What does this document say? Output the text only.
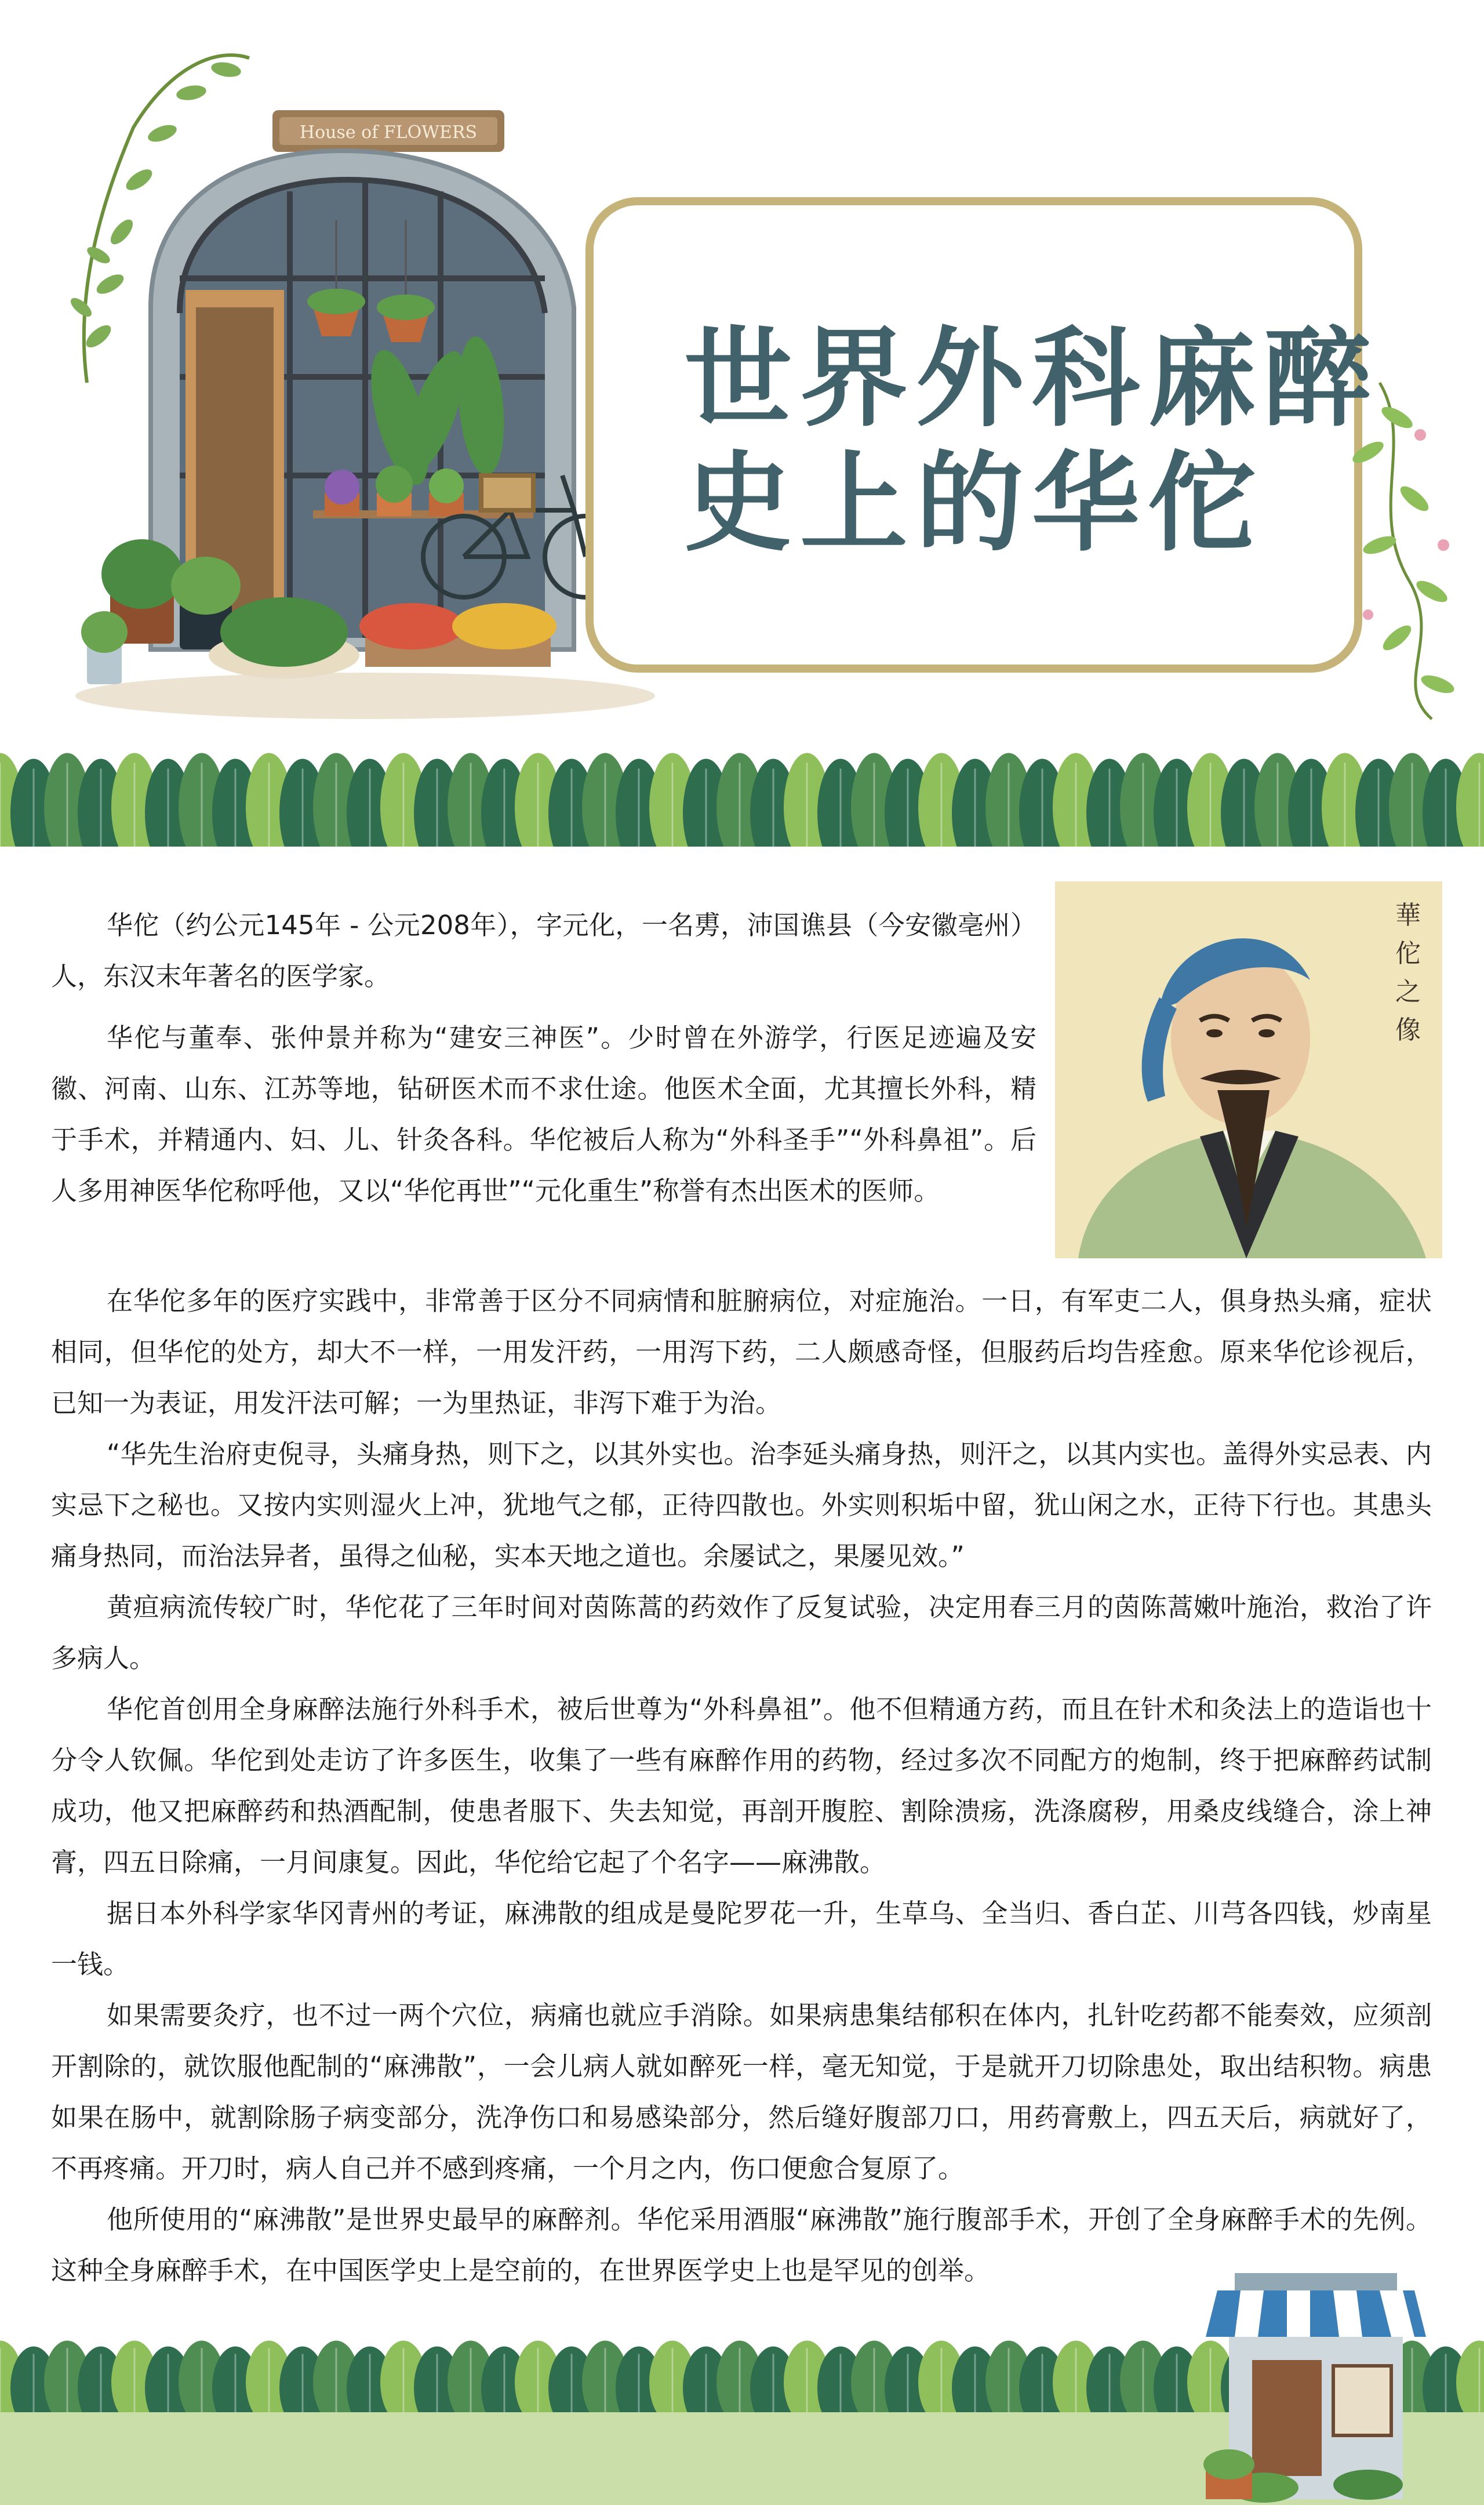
House of FLOWERS
世界外科麻醉
史上的华佗
華佗之像

华佗（约公元145年 - 公元208年），字元化，一名旉，沛国谯县（今安徽亳州）人，东汉末年著名的医学家。

华佗与董奉、张仲景并称为“建安三神医”。少时曾在外游学，行医足迹遍及安徽、河南、山东、江苏等地，钻研医术而不求仕途。他医术全面，尤其擅长外科，精于手术，并精通内、妇、儿、针灸各科。华佗被后人称为“外科圣手”“外科鼻祖”。后人多用神医华佗称呼他，又以“华佗再世”“元化重生”称誉有杰出医术的医师。

在华佗多年的医疗实践中，非常善于区分不同病情和脏腑病位，对症施治。一日，有军吏二人，俱身热头痛，症状相同，但华佗的处方，却大不一样，一用发汗药，一用泻下药，二人颇感奇怪，但服药后均告痊愈。原来华佗诊视后，已知一为表证，用发汗法可解；一为里热证，非泻下难于为治。

“华先生治府吏倪寻，头痛身热，则下之，以其外实也。治李延头痛身热，则汗之，以其内实也。盖得外实忌表、内实忌下之秘也。又按内实则湿火上冲，犹地气之郁，正待四散也。外实则积垢中留，犹山闲之水，正待下行也。其患头痛身热同，而治法异者，虽得之仙秘，实本天地之道也。余屡试之，果屡见效。”

黄疸病流传较广时，华佗花了三年时间对茵陈蒿的药效作了反复试验，决定用春三月的茵陈蒿嫩叶施治，救治了许多病人。

华佗首创用全身麻醉法施行外科手术，被后世尊为“外科鼻祖”。他不但精通方药，而且在针术和灸法上的造诣也十分令人钦佩。华佗到处走访了许多医生，收集了一些有麻醉作用的药物，经过多次不同配方的炮制，终于把麻醉药试制成功，他又把麻醉药和热酒配制，使患者服下、失去知觉，再剖开腹腔、割除溃疡，洗涤腐秽，用桑皮线缝合，涂上神膏，四五日除痛，一月间康复。因此，华佗给它起了个名字——麻沸散。

据日本外科学家华冈青州的考证，麻沸散的组成是曼陀罗花一升，生草乌、全当归、香白芷、川芎各四钱，炒南星一钱。

如果需要灸疗，也不过一两个穴位，病痛也就应手消除。如果病患集结郁积在体内，扎针吃药都不能奏效，应须剖开割除的，就饮服他配制的“麻沸散”，一会儿病人就如醉死一样，毫无知觉，于是就开刀切除患处，取出结积物。病患如果在肠中，就割除肠子病变部分，洗净伤口和易感染部分，然后缝好腹部刀口，用药膏敷上，四五天后，病就好了，不再疼痛。开刀时，病人自己并不感到疼痛，一个月之内，伤口便愈合复原了。

他所使用的“麻沸散”是世界史最早的麻醉剂。华佗采用酒服“麻沸散”施行腹部手术，开创了全身麻醉手术的先例。这种全身麻醉手术，在中国医学史上是空前的，在世界医学史上也是罕见的创举。
